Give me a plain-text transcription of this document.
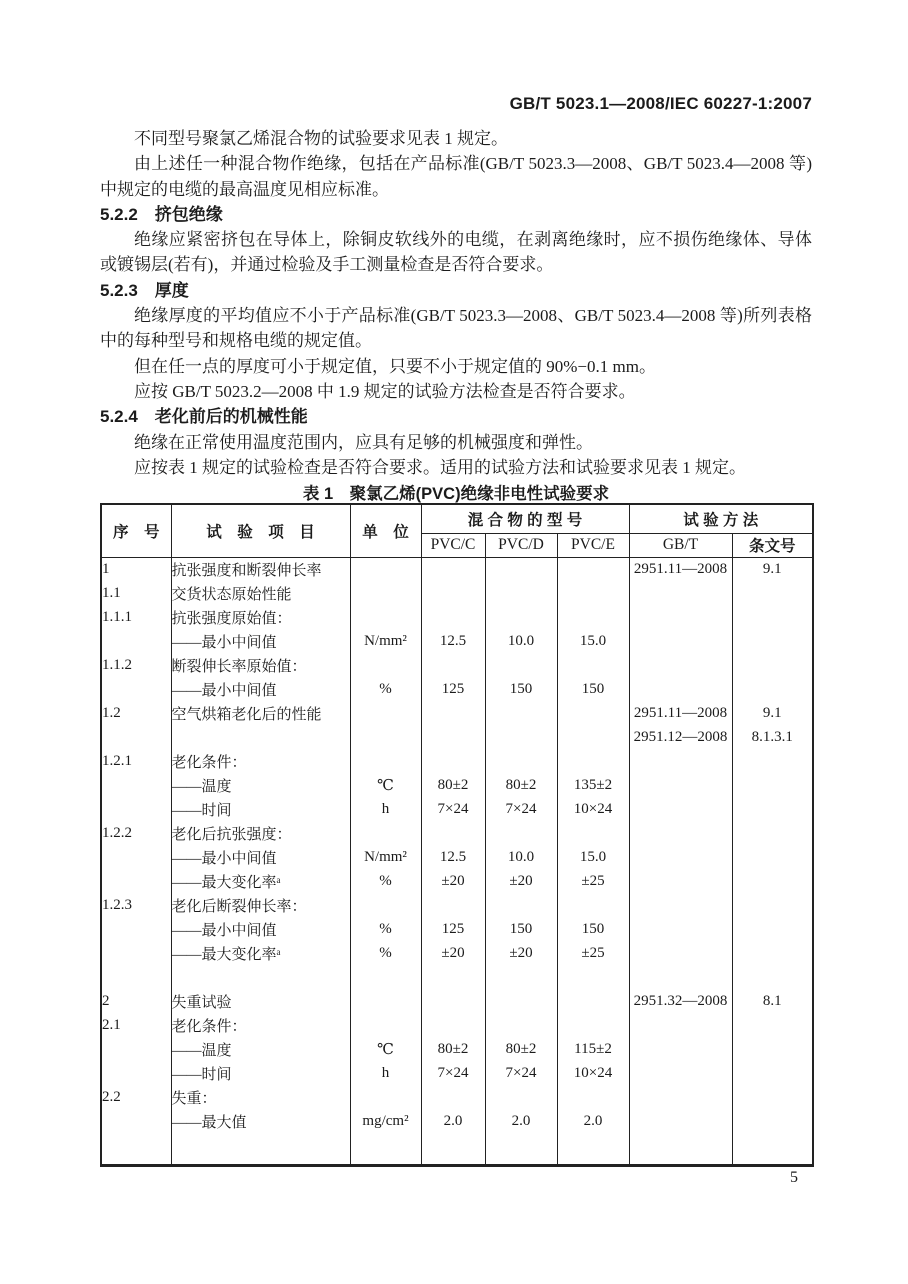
GB/T 5023.1—2008/IEC 60227-1:2007

不同型号聚氯乙烯混合物的试验要求见表 1 规定。

由上述任一种混合物作绝缘，包括在产品标准(GB/T 5023.3—2008、GB/T 5023.4—2008 等)中规定的电缆的最高温度见相应标准。

5.2.2　挤包绝缘

绝缘应紧密挤包在导体上，除铜皮软线外的电缆，在剥离绝缘时，应不损伤绝缘体、导体或镀锡层(若有)，并通过检验及手工测量检查是否符合要求。

5.2.3　厚度

绝缘厚度的平均值应不小于产品标准(GB/T 5023.3—2008、GB/T 5023.4—2008 等)所列表格中的每种型号和规格电缆的规定值。

但在任一点的厚度可小于规定值，只要不小于规定值的 90%−0.1 mm。

应按 GB/T 5023.2—2008 中 1.9 规定的试验方法检查是否符合要求。

5.2.4　老化前后的机械性能

绝缘在正常使用温度范围内，应具有足够的机械强度和弹性。

应按表 1 规定的试验检查是否符合要求。适用的试验方法和试验要求见表 1 规定。

表 1　聚氯乙烯(PVC)绝缘非电性试验要求
序　号	试　验　项　目	单　位	混 合 物 的 型 号			试 验 方 法	
			PVC/C	PVC/D	PVC/E	GB/T	条文号
1	抗张强度和断裂伸长率					2951.11—2008	9.1
1.1	交货状态原始性能						
1.1.1	抗张强度原始值：						
	——最小中间值	N/mm²	12.5	10.0	15.0		
1.1.2	断裂伸长率原始值：						
	——最小中间值	%	125	150	150		
1.2	空气烘箱老化后的性能					2951.11—2008	9.1
						2951.12—2008	8.1.3.1
1.2.1	老化条件：						
	——温度	℃	80±2	80±2	135±2		
	——时间	h	7×24	7×24	10×24		
1.2.2	老化后抗张强度：						
	——最小中间值	N/mm²	12.5	10.0	15.0		
	——最大变化率ᵃ	%	±20	±20	±25		
1.2.3	老化后断裂伸长率：						
	——最小中间值	%	125	150	150		
	——最大变化率ᵃ	%	±20	±20	±25		

2	失重试验					2951.32—2008	8.1
2.1	老化条件：						
	——温度	℃	80±2	80±2	115±2		
	——时间	h	7×24	7×24	10×24		
2.2	失重：						
	——最大值	mg/cm²	2.0	2.0	2.0		

5
